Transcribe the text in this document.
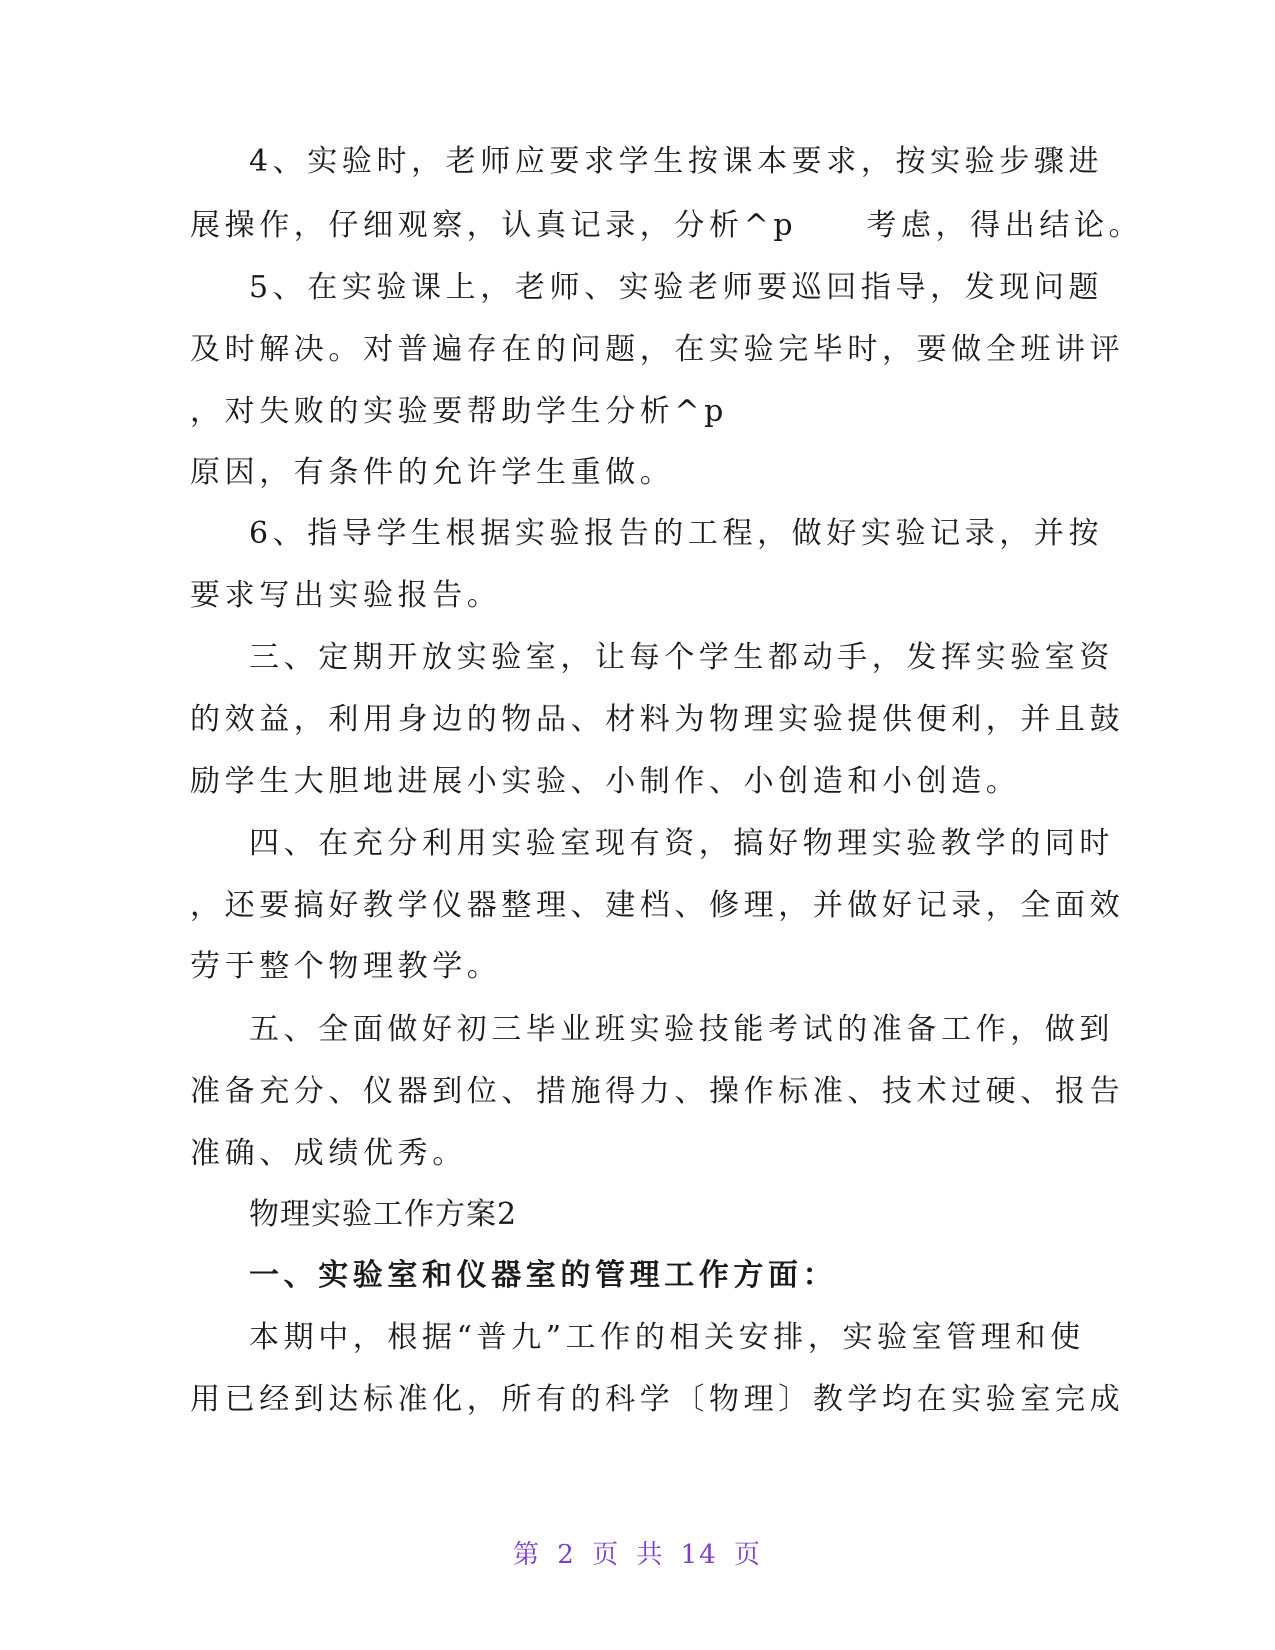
4、实验时，老师应要求学生按课本要求，按实验步骤进
展操作，仔细观察，认真记录，分析^p　　考虑，得出结论。
5、在实验课上，老师、实验老师要巡回指导，发现问题
及时解决。对普遍存在的问题，在实验完毕时，要做全班讲评
，对失败的实验要帮助学生分析^p
原因，有条件的允许学生重做。
6、指导学生根据实验报告的工程，做好实验记录，并按
要求写出实验报告。
三、定期开放实验室，让每个学生都动手，发挥实验室资
的效益，利用身边的物品、材料为物理实验提供便利，并且鼓
励学生大胆地进展小实验、小制作、小创造和小创造。
四、在充分利用实验室现有资，搞好物理实验教学的同时
，还要搞好教学仪器整理、建档、修理，并做好记录，全面效
劳于整个物理教学。
五、全面做好初三毕业班实验技能考试的准备工作，做到
准备充分、仪器到位、措施得力、操作标准、技术过硬、报告
准确、成绩优秀。
物理实验工作方案2
一、实验室和仪器室的管理工作方面：
本期中，根据“普九”工作的相关安排，实验室管理和使
用已经到达标准化，所有的科学〔物理〕教学均在实验室完成
第 2 页 共 14 页
